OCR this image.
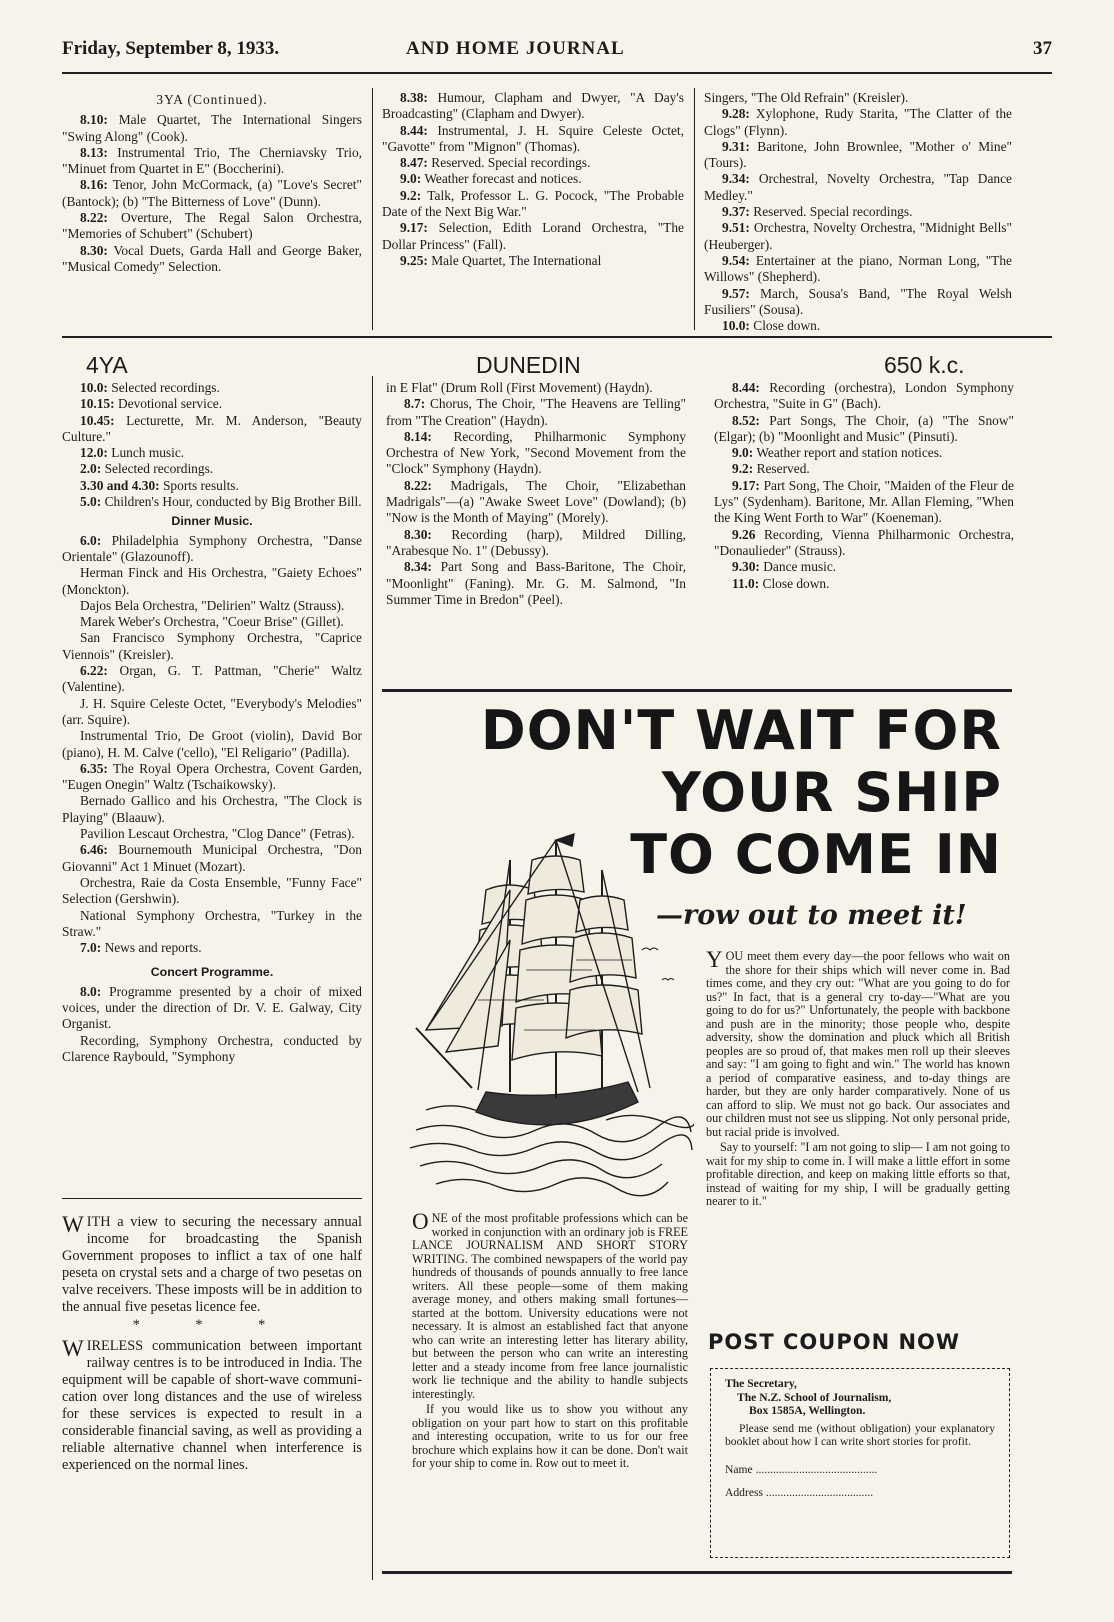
Friday, September 8, 1933.	AND HOME JOURNAL	37

3YA (Continued).

8.10: Male Quartet, The International Singers "Swing Along" (Cook).

8.13: Instrumental Trio, The Cherniavsky Trio, "Minuet from Quartet in E" (Boccherini).

8.16: Tenor, John McCormack, (a) "Love's Secret" (Bantock); (b) "The Bitterness of Love" (Dunn).

8.22: Overture, The Regal Salon Orchestra, "Memories of Schubert" (Schubert)

8.30: Vocal Duets, Garda Hall and George Baker, "Musical Comedy" Selection.

8.38: Humour, Clapham and Dwyer, "A Day's Broadcasting" (Clapham and Dwyer).

8.44: Instrumental, J. H. Squire Celeste Octet, "Gavotte" from "Mignon" (Thomas).

8.47: Reserved. Special recordings.

9.0: Weather forecast and notices.

9.2: Talk, Professor L. G. Pocock, "The Probable Date of the Next Big War."

9.17: Selection, Edith Lorand Orchestra, "The Dollar Princess" (Fall).

9.25: Male Quartet, The International

Singers, "The Old Refrain" (Kreisler).

9.28: Xylophone, Rudy Starita, "The Clatter of the Clogs" (Flynn).

9.31: Baritone, John Brownlee, "Mother o' Mine" (Tours).

9.34: Orchestral, Novelty Orchestra, "Tap Dance Medley."

9.37: Reserved. Special recordings.

9.51: Orchestra, Novelty Orchestra, "Midnight Bells" (Heuberger).

9.54: Entertainer at the piano, Norman Long, "The Willows" (Shepherd).

9.57: March, Sousa's Band, "The Royal Welsh Fusiliers" (Sousa).

10.0: Close down.

4YA	DUNEDIN	650 k.c.

10.0: Selected recordings.

10.15: Devotional service.

10.45: Lecturette, Mr. M. Anderson, "Beauty Culture."

12.0: Lunch music.

2.0: Selected recordings.

3.30 and 4.30: Sports results.

5.0: Children's Hour, conducted by Big Brother Bill.

Dinner Music.

6.0: Philadelphia Symphony Orchestra, "Danse Orientale" (Glazounoff).

Herman Finck and His Orchestra, "Gaiety Echoes" (Monckton).

Dajos Bela Orchestra, "Delirien" Waltz (Strauss).

Marek Weber's Orchestra, "Coeur Brise" (Gillet).

San Francisco Symphony Orchestra, "Caprice Viennois" (Kreisler).

6.22: Organ, G. T. Pattman, "Cherie" Waltz (Valentine).

J. H. Squire Celeste Octet, "Everybody's Melodies" (arr. Squire).

Instrumental Trio, De Groot (violin), David Bor (piano), H. M. Calve ('cello), "El Religario" (Padilla).

6.35: The Royal Opera Orchestra, Covent Garden, "Eugen Onegin" Waltz (Tschaikowsky).

Bernado Gallico and his Orchestra, "The Clock is Playing" (Blaauw).

Pavilion Lescaut Orchestra, "Clog Dance" (Fetras).

6.46: Bournemouth Municipal Orchestra, "Don Giovanni" Act 1 Minuet (Mozart).

Orchestra, Raie da Costa Ensemble, "Funny Face" Selection (Gershwin).

National Symphony Orchestra, "Turkey in the Straw."

7.0: News and reports.

Concert Programme.

8.0: Programme presented by a choir of mixed voices, under the direction of Dr. V. E. Galway, City Organist.

Recording, Symphony Orchestra, conducted by Clarence Raybould, "Symphony

in E Flat" (Drum Roll (First Movement) (Haydn).

8.7: Chorus, The Choir, "The Heavens are Telling" from "The Creation" (Haydn).

8.14: Recording, Philharmonic Symphony Orchestra of New York, "Second Movement from the "Clock" Symphony (Haydn).

8.22: Madrigals, The Choir, "Elizabethan Madrigals"—(a) "Awake Sweet Love" (Dowland); (b) "Now is the Month of Maying" (Morely).

8.30: Recording (harp), Mildred Dilling, "Arabesque No. 1" (Debussy).

8.34: Part Song and Bass-Baritone, The Choir, "Moonlight" (Faning). Mr. G. M. Salmond, "In Summer Time in Bredon" (Peel).

8.44: Recording (orchestra), London Symphony Orchestra, "Suite in G" (Bach).

8.52: Part Songs, The Choir, (a) "The Snow" (Elgar); (b) "Moonlight and Music" (Pinsuti).

9.0: Weather report and station notices.

9.2: Reserved.

9.17: Part Song, The Choir, "Maiden of the Fleur de Lys" (Sydenham). Baritone, Mr. Allan Fleming, "When the King Went Forth to War" (Koeneman).

9.26 Recording, Vienna Philharmonic Orchestra, "Donaulieder" (Strauss).

9.30: Dance music.

11.0: Close down.

WITH a view to securing the necessary annual income for broadcasting the Spanish Government proposes to inflict a tax of one half peseta on crystal sets and a charge of two pesetas on valve receivers. These imposts will be in addition to the annual five pesetas licence fee.

* * *

WIRELESS communication between important railway centres is to be introduced in India. The equipment will be capable of short-wave communication over long distances and the use of wireless for these services is expected to result in a considerable financial saving, as well as providing a reliable alternative channel when interference is experienced on the normal lines.

DON'T WAIT FOR
YOUR SHIP
TO COME IN
—row out to meet it!

YOU meet them every day—the poor fellows who wait on the shore for their ships which will never come in. Bad times come, and they cry out: "What are you going to do for us?" In fact, that is a general cry to-day—"What are you going to do for us?" Unfortunately, the people with backbone and push are in the minority; those people who, despite adversity, show the domination and pluck which all British peoples are so proud of, that makes men roll up their sleeves and say: "I am going to fight and win." The world has known a period of comparative easiness, and to-day things are harder, but they are only harder comparatively. None of us can afford to slip. We must not go back. Our associates and our children must not see us slipping. Not only personal pride, but racial pride is involved.

Say to yourself: "I am not going to slip— I am not going to wait for my ship to come in. I will make a little effort in some profitable direction, and keep on making little efforts so that, instead of waiting for my ship, I will be gradually getting nearer to it."

ONE of the most profitable professions which can be worked in conjunction with an ordinary job is FREE LANCE JOURNALISM AND SHORT STORY WRITING. The combined newspapers of the world pay hundreds of thousands of pounds annually to free lance writers. All these people—some of them making average money, and others making small fortunes—started at the bottom. University educations were not necessary. It is almost an established fact that anyone who can write an interesting letter has literary ability, but between the person who can write an interesting letter and a steady income from free lance journalistic work lie technique and the ability to handle subjects interestingly.

If you would like us to show you without any obligation on your part how to start on this profitable and interesting occupation, write to us for our free brochure which explains how it can be done. Don't wait for your ship to come in. Row out to meet it.

POST COUPON NOW
The Secretary,
The N.Z. School of Journalism,
Box 1585A, Wellington.
Please send me (without obligation) your explanatory booklet about how I can write short stories for profit.
Name ..........................................
Address .....................................
